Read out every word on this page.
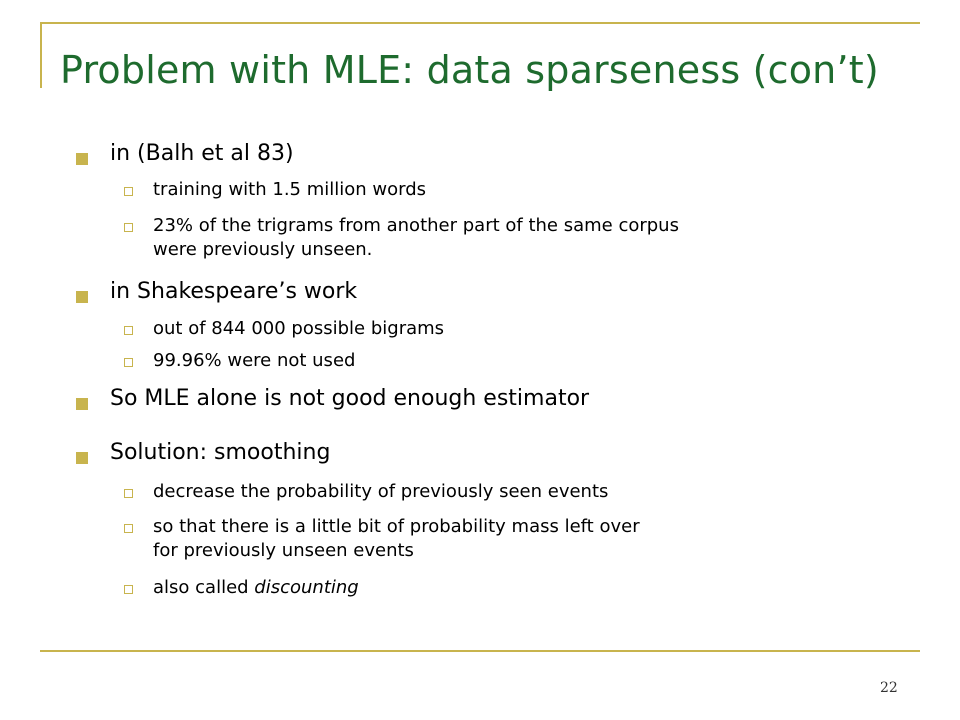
Problem with MLE: data sparseness (con’t)
in (Balh et al 83)
training with 1.5 million words
23% of the trigrams from another part of the same corpus
were previously unseen.
in Shakespeare’s work
out of 844 000 possible bigrams
99.96% were not used
So MLE alone is not good enough estimator
Solution: smoothing
decrease the probability of previously seen events
so that there is a little bit of probability mass left over
for previously unseen events
also called discounting
22
